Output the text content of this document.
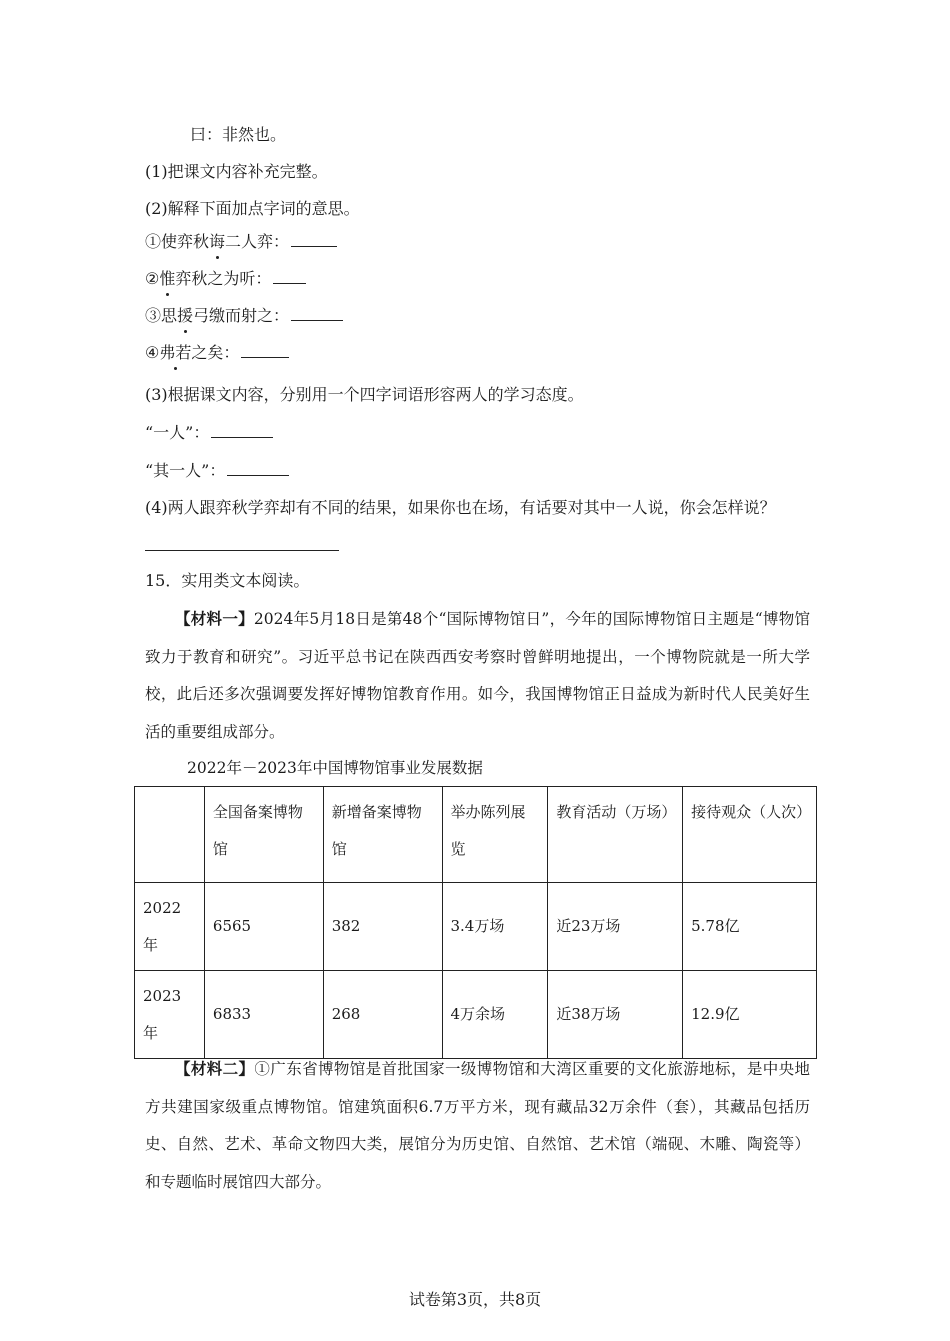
曰：非然也。
(1)把课文内容补充完整。
(2)解释下面加点字词的意思。
①使弈秋诲二人弈：
②惟弈秋之为听：
③思援弓缴而射之：
④弗若之矣：
(3)根据课文内容，分别用一个四字词语形容两人的学习态度。
“一人”：
“其一人”：
(4)两人跟弈秋学弈却有不同的结果，如果你也在场，有话要对其中一人说，你会怎样说？
15．实用类文本阅读。
【材料一】2024年5月18日是第48个“国际博物馆日”，今年的国际博物馆日主题是“博物馆致力于教育和研究”。习近平总书记在陕西西安考察时曾鲜明地提出，一个博物院就是一所大学校，此后还多次强调要发挥好博物馆教育作用。如今，我国博物馆正日益成为新时代人民美好生活的重要组成部分。
2022年－2023年中国博物馆事业发展数据
	全国备案博物馆	新增备案博物馆	举办陈列展览	教育活动（万场）	接待观众（人次）
2022年	6565	382	3.4万场	近23万场	5.78亿
2023年	6833	268	4万余场	近38万场	12.9亿
【材料二】①广东省博物馆是首批国家一级博物馆和大湾区重要的文化旅游地标，是中央地方共建国家级重点博物馆。馆建筑面积6.7万平方米，现有藏品32万余件（套），其藏品包括历史、自然、艺术、革命文物四大类，展馆分为历史馆、自然馆、艺术馆（端砚、木雕、陶瓷等）和专题临时展馆四大部分。
试卷第3页，共8页
